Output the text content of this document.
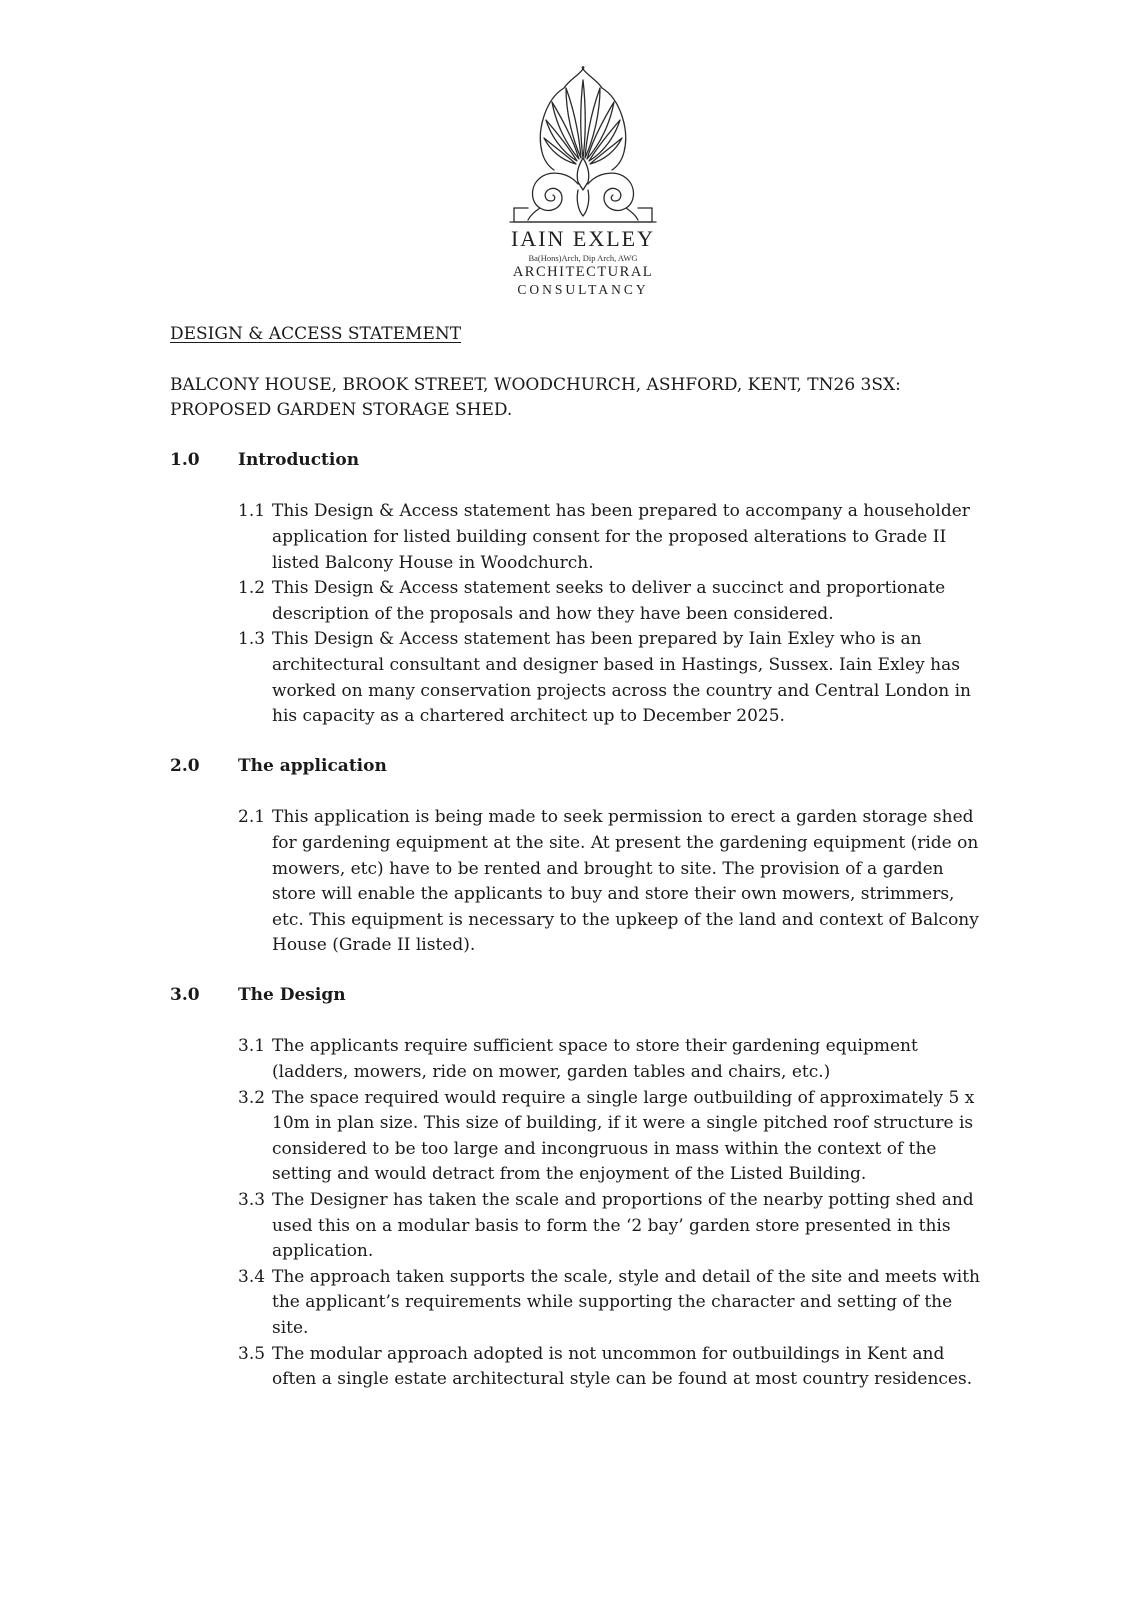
IAIN EXLEY
Ba(Hons)Arch, Dip Arch, AWG
ARCHITECTURAL
CONSULTANCY
DESIGN & ACCESS STATEMENT
BALCONY HOUSE, BROOK STREET, WOODCHURCH, ASHFORD, KENT, TN26 3SX:
PROPOSED GARDEN STORAGE SHED.
1.0	Introduction
1.1 This Design & Access statement has been prepared to accompany a householder application for listed building consent for the proposed alterations to Grade II listed Balcony House in Woodchurch.
1.2 This Design & Access statement seeks to deliver a succinct and proportionate description of the proposals and how they have been considered.
1.3 This Design & Access statement has been prepared by Iain Exley who is an architectural consultant and designer based in Hastings, Sussex. Iain Exley has worked on many conservation projects across the country and Central London in his capacity as a chartered architect up to December 2025.
2.0	The application
2.1 This application is being made to seek permission to erect a garden storage shed for gardening equipment at the site. At present the gardening equipment (ride on mowers, etc) have to be rented and brought to site. The provision of a garden store will enable the applicants to buy and store their own mowers, strimmers, etc. This equipment is necessary to the upkeep of the land and context of Balcony House (Grade II listed).
3.0	The Design
3.1 The applicants require sufficient space to store their gardening equipment (ladders, mowers, ride on mower, garden tables and chairs, etc.)
3.2 The space required would require a single large outbuilding of approximately 5 x 10m in plan size. This size of building, if it were a single pitched roof structure is considered to be too large and incongruous in mass within the context of the setting and would detract from the enjoyment of the Listed Building.
3.3 The Designer has taken the scale and proportions of the nearby potting shed and used this on a modular basis to form the ‘2 bay’ garden store presented in this application.
3.4 The approach taken supports the scale, style and detail of the site and meets with the applicant’s requirements while supporting the character and setting of the site.
3.5 The modular approach adopted is not uncommon for outbuildings in Kent and often a single estate architectural style can be found at most country residences.
